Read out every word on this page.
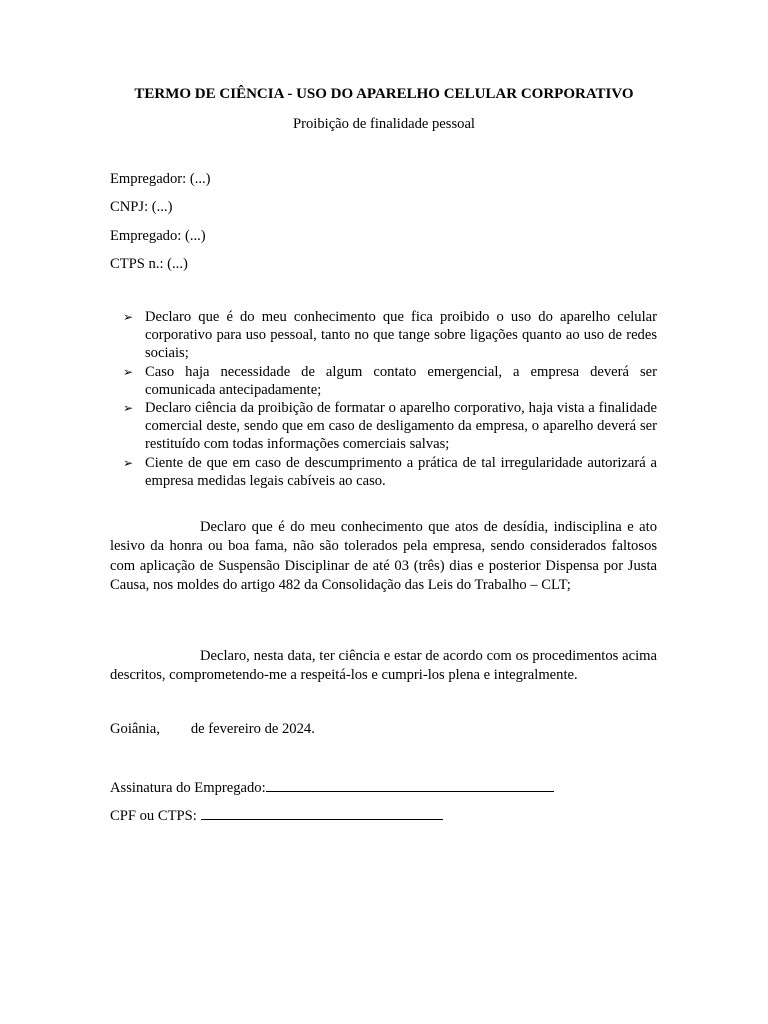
TERMO DE CIÊNCIA - USO DO APARELHO CELULAR CORPORATIVO
Proibição de finalidade pessoal
Empregador: (...)
CNPJ: (...)
Empregado: (...)
CTPS n.: (...)
➢ Declaro que é do meu conhecimento que fica proibido o uso do aparelho celular corporativo para uso pessoal, tanto no que tange sobre ligações quanto ao uso de redes sociais;
➢ Caso haja necessidade de algum contato emergencial, a empresa deverá ser comunicada antecipadamente;
➢ Declaro ciência da proibição de formatar o aparelho corporativo, haja vista a finalidade comercial deste, sendo que em caso de desligamento da empresa, o aparelho deverá ser restituído com todas informações comerciais salvas;
➢ Ciente de que em caso de descumprimento a prática de tal irregularidade autorizará a empresa medidas legais cabíveis ao caso.

Declaro que é do meu conhecimento que atos de desídia, indisciplina e ato lesivo da honra ou boa fama, não são tolerados pela empresa, sendo considerados faltosos com aplicação de Suspensão Disciplinar de até 03 (três) dias e posterior Dispensa por Justa Causa, nos moldes do artigo 482 da Consolidação das Leis do Trabalho – CLT;

Declaro, nesta data, ter ciência e estar de acordo com os procedimentos acima descritos, comprometendo-me a respeitá-los e cumpri-los plena e integralmente.

Goiânia, de fevereiro de 2024.
Assinatura do Empregado:
CPF ou CTPS:
